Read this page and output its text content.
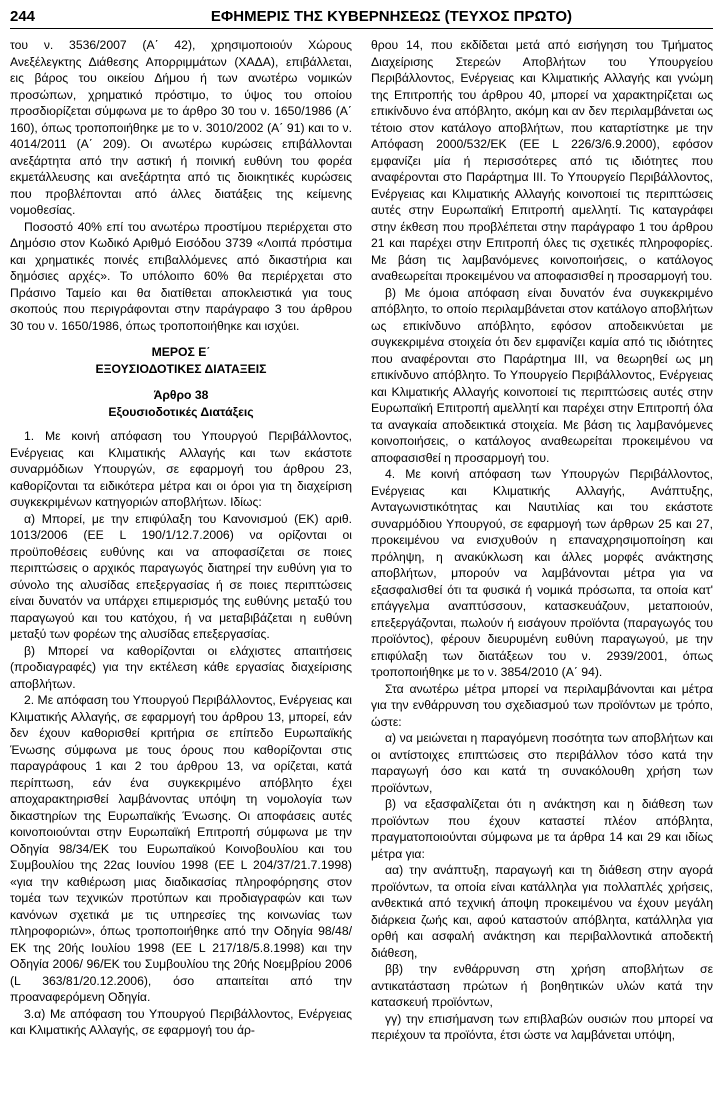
244	ΕΦΗΜΕΡΙΣ ΤΗΣ ΚΥΒΕΡΝΗΣΕΩΣ (ΤΕΥΧΟΣ ΠΡΩΤΟ)

του ν. 3536/2007 (Α΄ 42), χρησιμοποιούν Χώρους Ανεξέλεγκτης Διάθεσης Απορριμμάτων (ΧΑΔΑ), επιβάλλεται, εις βάρος του οικείου Δήμου ή των ανωτέρω νομικών προσώπων, χρηματικό πρόστιμο, το ύψος του οποίου προσδιορίζεται σύμφωνα με το άρθρο 30 του ν. 1650/1986 (Α΄ 160), όπως τροποποιήθηκε με το ν. 3010/2002 (Α΄ 91) και το ν. 4014/2011 (Α΄ 209). Οι ανωτέρω κυρώσεις επιβάλλονται ανεξάρτητα από την αστική ή ποινική ευθύνη του φορέα εκμετάλλευσης και ανεξάρτητα από τις διοικητικές κυρώσεις που προβλέπονται από άλλες διατάξεις της κείμενης νομοθεσίας.

Ποσοστό 40% επί του ανωτέρω προστίμου περιέρχεται στο Δημόσιο στον Κωδικό Αριθμό Εισόδου 3739 «Λοιπά πρόστιμα και χρηματικές ποινές επιβαλλόμενες από δικαστήρια και δημόσιες αρχές». Το υπόλοιπο 60% θα περιέρχεται στο Πράσινο Ταμείο και θα διατίθεται αποκλειστικά για τους σκοπούς που περιγράφονται στην παράγραφο 3 του άρθρου 30 του ν. 1650/1986, όπως τροποποιήθηκε και ισχύει.

ΜΕΡΟΣ Ε΄

ΕΞΟΥΣΙΟΔΟΤΙΚΕΣ ΔΙΑΤΑΞΕΙΣ

Άρθρο 38

Εξουσιοδοτικές Διατάξεις

1. Με κοινή απόφαση του Υπουργού Περιβάλλοντος, Ενέργειας και Κλιματικής Αλλαγής και των εκάστοτε συναρμόδιων Υπουργών, σε εφαρμογή του άρθρου 23, καθορίζονται τα ειδικότερα μέτρα και οι όροι για τη διαχείριση συγκεκριμένων κατηγοριών αποβλήτων. Ιδίως:

α) Μπορεί, με την επιφύλαξη του Κανονισμού (ΕΚ) αριθ. 1013/2006 (ΕΕ L 190/1/12.7.2006) να ορίζονται οι προϋποθέσεις ευθύνης και να αποφασίζεται σε ποιες περιπτώσεις ο αρχικός παραγωγός διατηρεί την ευθύνη για το σύνολο της αλυσίδας επεξεργασίας ή σε ποιες περιπτώσεις είναι δυνατόν να υπάρχει επιμερισμός της ευθύνης μεταξύ του παραγωγού και του κατόχου, ή να μεταβιβάζεται η ευθύνη μεταξύ των φορέων της αλυσίδας επεξεργασίας.

β) Μπορεί να καθορίζονται οι ελάχιστες απαιτήσεις (προδιαγραφές) για την εκτέλεση κάθε εργασίας διαχείρισης αποβλήτων.

2. Με απόφαση του Υπουργού Περιβάλλοντος, Ενέργειας και Κλιματικής Αλλαγής, σε εφαρμογή του άρθρου 13, μπορεί, εάν δεν έχουν καθορισθεί κριτήρια σε επίπεδο Ευρωπαϊκής Ένωσης σύμφωνα με τους όρους που καθορίζονται στις παραγράφους 1 και 2 του άρθρου 13, να ορίζεται, κατά περίπτωση, εάν ένα συγκεκριμένο απόβλητο έχει αποχαρακτηρισθεί λαμβάνοντας υπόψη τη νομολογία των δικαστηρίων της Ευρωπαϊκής Ένωσης. Οι αποφάσεις αυτές κοινοποιούνται στην Ευρωπαϊκή Επιτροπή σύμφωνα με την Οδηγία 98/34/ΕΚ του Ευρωπαϊκού Κοινοβουλίου και του Συμβουλίου της 22ας Ιουνίου 1998 (ΕΕ L 204/37/21.7.1998) «για την καθιέρωση μιας διαδικασίας πληροφόρησης στον τομέα των τεχνικών προτύπων και προδιαγραφών και των κανόνων σχετικά με τις υπηρεσίες της κοινωνίας των πληροφοριών», όπως τροποποιήθηκε από την Οδηγία 98/48/ΕΚ της 20ής Ιουλίου 1998 (ΕΕ L 217/18/5.8.1998) και την Οδηγία 2006/ 96/ΕΚ του Συμβουλίου της 20ής Νοεμβρίου 2006 (L 363/81/20.12.2006), όσο απαιτείται από την προαναφερόμενη Οδηγία.

3.α) Με απόφαση του Υπουργού Περιβάλλοντος, Ενέργειας και Κλιματικής Αλλαγής, σε εφαρμογή του άρ-

θρου 14, που εκδίδεται μετά από εισήγηση του Τμήματος Διαχείρισης Στερεών Αποβλήτων του Υπουργείου Περιβάλλοντος, Ενέργειας και Κλιματικής Αλλαγής και γνώμη της Επιτροπής του άρθρου 40, μπορεί να χαρακτηρίζεται ως επικίνδυνο ένα απόβλητο, ακόμη και αν δεν περιλαμβάνεται ως τέτοιο στον κατάλογο αποβλήτων, που καταρτίστηκε με την Απόφαση 2000/532/ΕΚ (ΕΕ L 226/3/6.9.2000), εφόσον εμφανίζει μία ή περισσότερες από τις ιδιότητες που αναφέρονται στο Παράρτημα ΙΙΙ. Το Υπουργείο Περιβάλλοντος, Ενέργειας και Κλιματικής Αλλαγής κοινοποιεί τις περιπτώσεις αυτές στην Ευρωπαϊκή Επιτροπή αμελλητί. Τις καταγράφει στην έκθεση που προβλέπεται στην παράγραφο 1 του άρθρου 21 και παρέχει στην Επιτροπή όλες τις σχετικές πληροφορίες. Με βάση τις λαμβανόμενες κοινοποιήσεις, ο κατάλογος αναθεωρείται προκειμένου να αποφασισθεί η προσαρμογή του.

β) Με όμοια απόφαση είναι δυνατόν ένα συγκεκριμένο απόβλητο, το οποίο περιλαμβάνεται στον κατάλογο αποβλήτων ως επικίνδυνο απόβλητο, εφόσον αποδεικνύεται με συγκεκριμένα στοιχεία ότι δεν εμφανίζει καμία από τις ιδιότητες που αναφέρονται στο Παράρτημα ΙΙΙ, να θεωρηθεί ως μη επικίνδυνο απόβλητο. Το Υπουργείο Περιβάλλοντος, Ενέργειας και Κλιματικής Αλλαγής κοινοποιεί τις περιπτώσεις αυτές στην Ευρωπαϊκή Επιτροπή αμελλητί και παρέχει στην Επιτροπή όλα τα αναγκαία αποδεικτικά στοιχεία. Με βάση τις λαμβανόμενες κοινοποιήσεις, ο κατάλογος αναθεωρείται προκειμένου να αποφασισθεί η προσαρμογή του.

4. Με κοινή απόφαση των Υπουργών Περιβάλλοντος, Ενέργειας και Κλιματικής Αλλαγής, Ανάπτυξης, Ανταγωνιστικότητας και Ναυτιλίας και του εκάστοτε συναρμόδιου Υπουργού, σε εφαρμογή των άρθρων 25 και 27, προκειμένου να ενισχυθούν η επαναχρησιμοποίηση και πρόληψη, η ανακύκλωση και άλλες μορφές ανάκτησης αποβλήτων, μπορούν να λαμβάνονται μέτρα για να εξασφαλισθεί ότι τα φυσικά ή νομικά πρόσωπα, τα οποία κατ' επάγγελμα αναπτύσσουν, κατασκευάζουν, μεταποιούν, επεξεργάζονται, πωλούν ή εισάγουν προϊόντα (παραγωγός του προϊόντος), φέρουν διευρυμένη ευθύνη παραγωγού, με την επιφύλαξη των διατάξεων του ν. 2939/2001, όπως τροποποιήθηκε με το ν. 3854/2010 (Α΄ 94).

Στα ανωτέρω μέτρα μπορεί να περιλαμβάνονται και μέτρα για την ενθάρρυνση του σχεδιασμού των προϊόντων με τρόπο, ώστε:

α) να μειώνεται η παραγόμενη ποσότητα των αποβλήτων και οι αντίστοιχες επιπτώσεις στο περιβάλλον τόσο κατά την παραγωγή όσο και κατά τη συνακόλουθη χρήση των προϊόντων,

β) να εξασφαλίζεται ότι η ανάκτηση και η διάθεση των προϊόντων που έχουν καταστεί πλέον απόβλητα, πραγματοποιούνται σύμφωνα με τα άρθρα 14 και 29 και ιδίως μέτρα για:

αα) την ανάπτυξη, παραγωγή και τη διάθεση στην αγορά προϊόντων, τα οποία είναι κατάλληλα για πολλαπλές χρήσεις, ανθεκτικά από τεχνική άποψη προκειμένου να έχουν μεγάλη διάρκεια ζωής και, αφού καταστούν απόβλητα, κατάλληλα για ορθή και ασφαλή ανάκτηση και περιβαλλοντικά αποδεκτή διάθεση,

ββ) την ενθάρρυνση στη χρήση αποβλήτων σε αντικατάσταση πρώτων ή βοηθητικών υλών κατά την κατασκευή προϊόντων,

γγ) την επισήμανση των επιβλαβών ουσιών που μπορεί να περιέχουν τα προϊόντα, έτσι ώστε να λαμβάνεται υπόψη,
